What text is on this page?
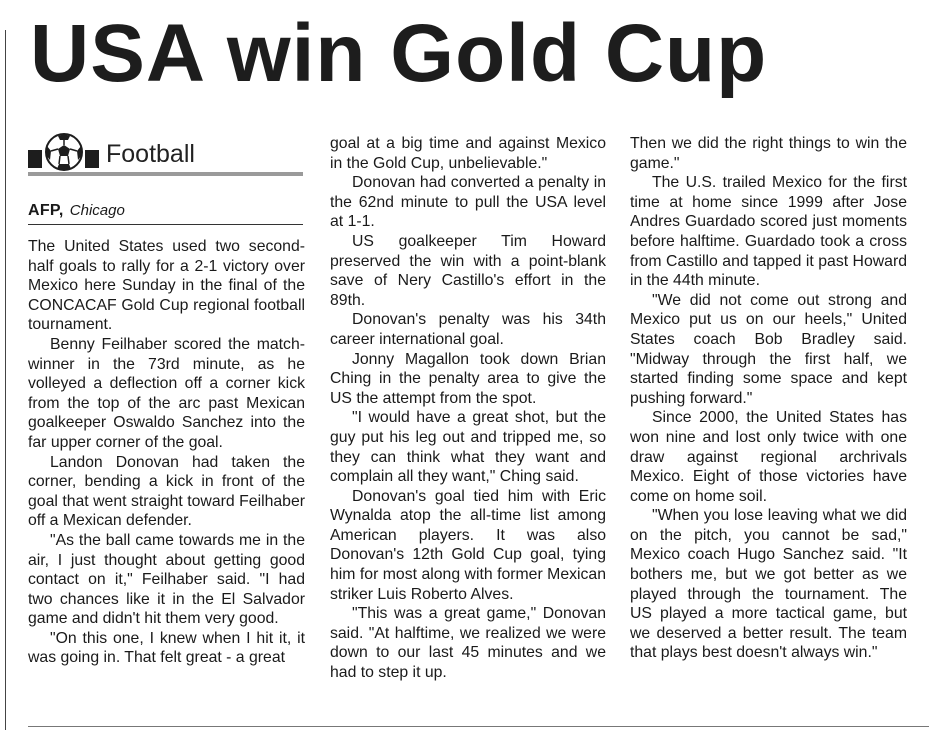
USA win Gold Cup
Football
AFP, Chicago

The United States used two second-half goals to rally for a 2-1 victory over Mexico here Sunday in the final of the CONCACAF Gold Cup regional football tournament.

Benny Feilhaber scored the match-winner in the 73rd minute, as he volleyed a deflection off a corner kick from the top of the arc past Mexican goalkeeper Oswaldo Sanchez into the far upper corner of the goal.

Landon Donovan had taken the corner, bending a kick in front of the goal that went straight toward Feilhaber off a Mexican defender.

"As the ball came towards me in the air, I just thought about getting good contact on it," Feilhaber said. "I had two chances like it in the El Salvador game and didn't hit them very good.

"On this one, I knew when I hit it, it was going in. That felt great - a great

goal at a big time and against Mexico in the Gold Cup, unbelievable."

Donovan had converted a penalty in the 62nd minute to pull the USA level at 1-1.

US goalkeeper Tim Howard preserved the win with a point-blank save of Nery Castillo's effort in the 89th.

Donovan's penalty was his 34th career international goal.

Jonny Magallon took down Brian Ching in the penalty area to give the US the attempt from the spot.

"I would have a great shot, but the guy put his leg out and tripped me, so they can think what they want and complain all they want," Ching said.

Donovan's goal tied him with Eric Wynalda atop the all-time list among American players. It was also Donovan's 12th Gold Cup goal, tying him for most along with former Mexican striker Luis Roberto Alves.

"This was a great game," Donovan said. "At halftime, we realized we were down to our last 45 minutes and we had to step it up.

Then we did the right things to win the game."

The U.S. trailed Mexico for the first time at home since 1999 after Jose Andres Guardado scored just moments before halftime. Guardado took a cross from Castillo and tapped it past Howard in the 44th minute.

"We did not come out strong and Mexico put us on our heels," United States coach Bob Bradley said. "Midway through the first half, we started finding some space and kept pushing forward."

Since 2000, the United States has won nine and lost only twice with one draw against regional archrivals Mexico. Eight of those victories have come on home soil.

"When you lose leaving what we did on the pitch, you cannot be sad," Mexico coach Hugo Sanchez said. "It bothers me, but we got better as we played through the tournament. The US played a more tactical game, but we deserved a better result. The team that plays best doesn't always win."
